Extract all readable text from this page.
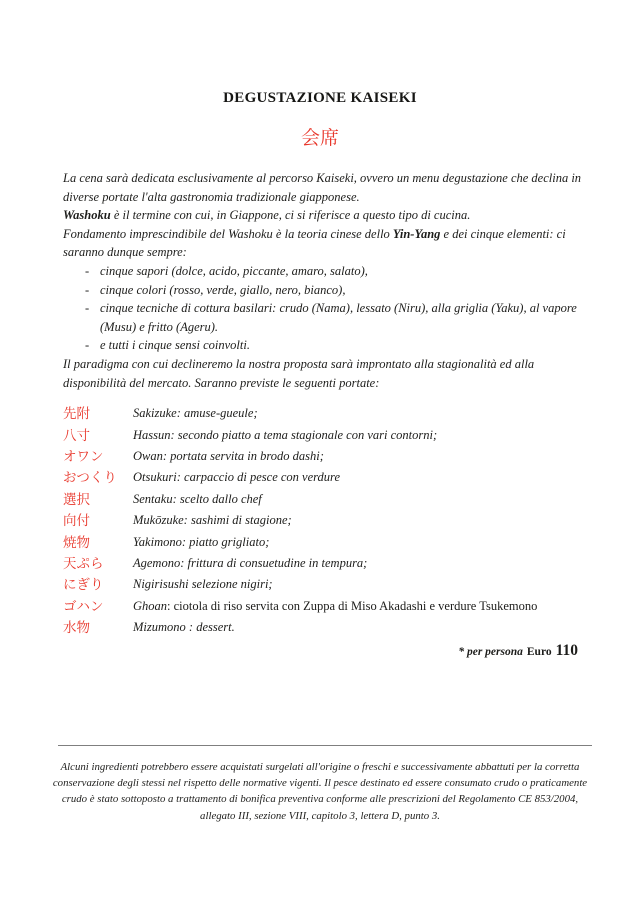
DEGUSTAZIONE KAISEKI
会席
La cena sarà dedicata esclusivamente al percorso Kaiseki, ovvero un menu degustazione che declina in diverse portate l'alta gastronomia tradizionale giapponese.
Washoku è il termine con cui, in Giappone, ci si riferisce a questo tipo di cucina.
Fondamento imprescindibile del Washoku è la teoria cinese dello Yin-Yang e dei cinque elementi: ci saranno dunque sempre:
- cinque sapori (dolce, acido, piccante, amaro, salato),
- cinque colori (rosso, verde, giallo, nero, bianco),
- cinque tecniche di cottura basilari: crudo (Nama), lessato (Niru), alla griglia (Yaku), al vapore (Musu) e fritto (Ageru).
- e tutti i cinque sensi coinvolti.
Il paradigma con cui declineremo la nostra proposta sarà improntato alla stagionalità ed alla disponibilità del mercato. Saranno previste le seguenti portate:
先附	Sakizuke: amuse-gueule;
八寸	Hassun: secondo piatto a tema stagionale con vari contorni;
オワン	Owan: portata servita in brodo dashi;
おつくり	Otsukuri: carpaccio di pesce con verdure
選択	Sentaku: scelto dallo chef
向付	Mukōzuke: sashimi di stagione;
焼物	Yakimono: piatto grigliato;
天ぷら	Agemono: frittura di consuetudine in tempura;
にぎり	Nigirisushi selezione nigiri;
ゴハン	Ghoan: ciotola di riso servita con Zuppa di Miso Akadashi e verdure Tsukemono
水物	Mizumono : dessert.
* per persona Euro 110
Alcuni ingredienti potrebbero essere acquistati surgelati all'origine o freschi e successivamente abbattuti per la corretta conservazione degli stessi nel rispetto delle normative vigenti. Il pesce destinato ed essere consumato crudo o praticamente crudo è stato sottoposto a trattamento di bonifica preventiva conforme alle prescrizioni del Regolamento CE 853/2004, allegato III, sezione VIII, capitolo 3, lettera D, punto 3.
